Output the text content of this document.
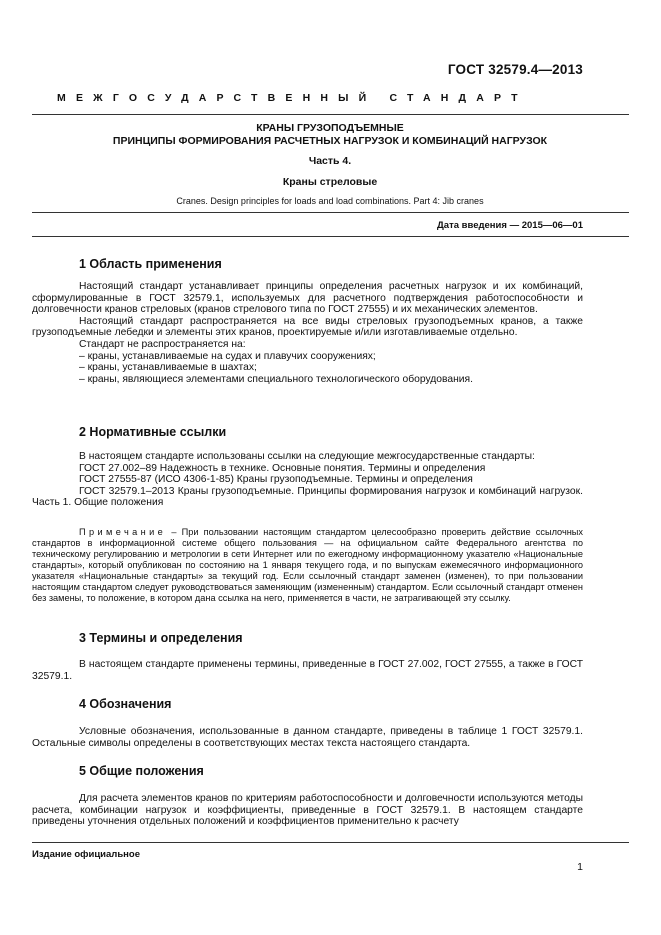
ГОСТ 32579.4—2013
МЕЖГОСУДАРСТВЕННЫЙ СТАНДАРТ
КРАНЫ ГРУЗОПОДЪЕМНЫЕ
ПРИНЦИПЫ ФОРМИРОВАНИЯ РАСЧЕТНЫХ НАГРУЗОК И КОМБИНАЦИЙ НАГРУЗОК
Часть 4.
Краны стреловые
Cranes. Design principles for loads and load combinations. Part 4: Jib cranes
Дата введения — 2015—06—01
1 Область применения

Настоящий стандарт устанавливает принципы определения расчетных нагрузок и их комбинаций, сформулированные в ГОСТ 32579.1, используемых для расчетного подтверждения работоспособности и долговечности кранов стреловых (кранов стрелового типа по ГОСТ 27555) и их механических элементов.

Настоящий стандарт распространяется на все виды стреловых грузоподъемных кранов, а также грузоподъемные лебедки и элементы этих кранов, проектируемые и/или изготавливаемые отдельно.

Стандарт не распространяется на:

– краны, устанавливаемые на судах и плавучих сооружениях;

– краны, устанавливаемые в шахтах;

– краны, являющиеся элементами специального технологического оборудования.

2 Нормативные ссылки

В настоящем стандарте использованы ссылки на следующие межгосударственные стандарты:

ГОСТ 27.002–89 Надежность в технике. Основные понятия. Термины и определения

ГОСТ 27555-87 (ИСО 4306-1-85) Краны грузоподъемные. Термины и определения

ГОСТ 32579.1–2013 Краны грузоподъемные. Принципы формирования нагрузок и комбинаций нагрузок. Часть 1. Общие положения

Примечание – При пользовании настоящим стандартом целесообразно проверить действие ссылочных стандартов в информационной системе общего пользования — на официальном сайте Федерального агентства по техническому регулированию и метрологии в сети Интернет или по ежегодному информационному указателю «Национальные стандарты», который опубликован по состоянию на 1 января текущего года, и по выпускам ежемесячного информационного указателя «Национальные стандарты» за текущий год. Если ссылочный стандарт заменен (изменен), то при пользовании настоящим стандартом следует руководствоваться заменяющим (измененным) стандартом. Если ссылочный стандарт отменен без замены, то положение, в котором дана ссылка на него, применяется в части, не затрагивающей эту ссылку.
3 Термины и определения

В настоящем стандарте применены термины, приведенные в ГОСТ 27.002, ГОСТ 27555, а также в ГОСТ 32579.1.

4 Обозначения

Условные обозначения, использованные в данном стандарте, приведены в таблице 1 ГОСТ 32579.1. Остальные символы определены в соответствующих местах текста настоящего стандарта.

5 Общие положения

Для расчета элементов кранов по критериям работоспособности и долговечности используются методы расчета, комбинации нагрузок и коэффициенты, приведенные в ГОСТ 32579.1. В настоящем стандарте приведены уточнения отдельных положений и коэффициентов применительно к расчету

Издание официальное
1
